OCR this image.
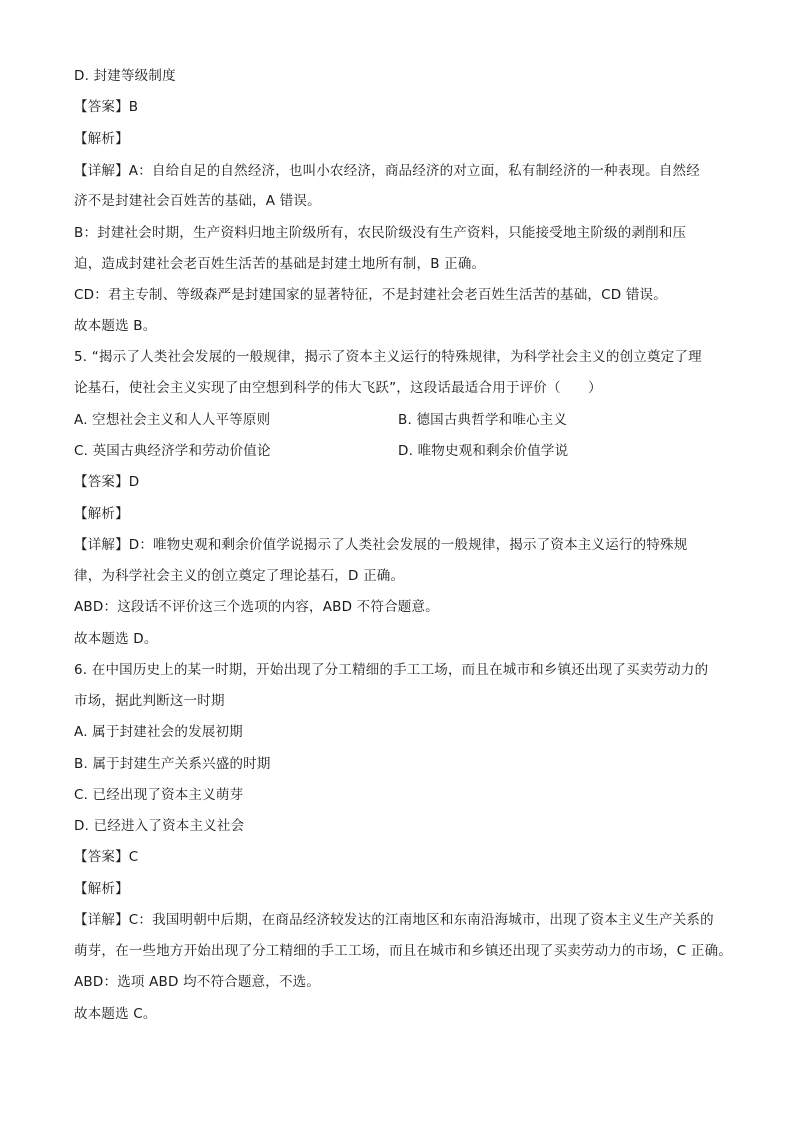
D. 封建等级制度
【答案】B
【解析】
【详解】A：自给自足的自然经济，也叫小农经济，商品经济的对立面，私有制经济的一种表现。自然经
济不是封建社会百姓苦的基础，A 错误。
B：封建社会时期，生产资料归地主阶级所有，农民阶级没有生产资料，只能接受地主阶级的剥削和压
迫，造成封建社会老百姓生活苦的基础是封建土地所有制，B 正确。
CD：君主专制、等级森严是封建国家的显著特征，不是封建社会老百姓生活苦的基础，CD 错误。
故本题选 B。
5. “揭示了人类社会发展的一般规律，揭示了资本主义运行的特殊规律，为科学社会主义的创立奠定了理
论基石，使社会主义实现了由空想到科学的伟大飞跃”，这段话最适合用于评价（　　）
A. 空想社会主义和人人平等原则	B. 德国古典哲学和唯心主义
C. 英国古典经济学和劳动价值论	D. 唯物史观和剩余价值学说
【答案】D
【解析】
【详解】D：唯物史观和剩余价值学说揭示了人类社会发展的一般规律，揭示了资本主义运行的特殊规
律，为科学社会主义的创立奠定了理论基石，D 正确。
ABD：这段话不评价这三个选项的内容，ABD 不符合题意。
故本题选 D。
6. 在中国历史上的某一时期，开始出现了分工精细的手工工场，而且在城市和乡镇还出现了买卖劳动力的
市场，据此判断这一时期
A. 属于封建社会的发展初期
B. 属于封建生产关系兴盛的时期
C. 已经出现了资本主义萌芽
D. 已经进入了资本主义社会
【答案】C
【解析】
【详解】C：我国明朝中后期，在商品经济较发达的江南地区和东南沿海城市，出现了资本主义生产关系的
萌芽，在一些地方开始出现了分工精细的手工工场，而且在城市和乡镇还出现了买卖劳动力的市场，C 正确。
ABD：选项 ABD 均不符合题意，不选。
故本题选 C。
